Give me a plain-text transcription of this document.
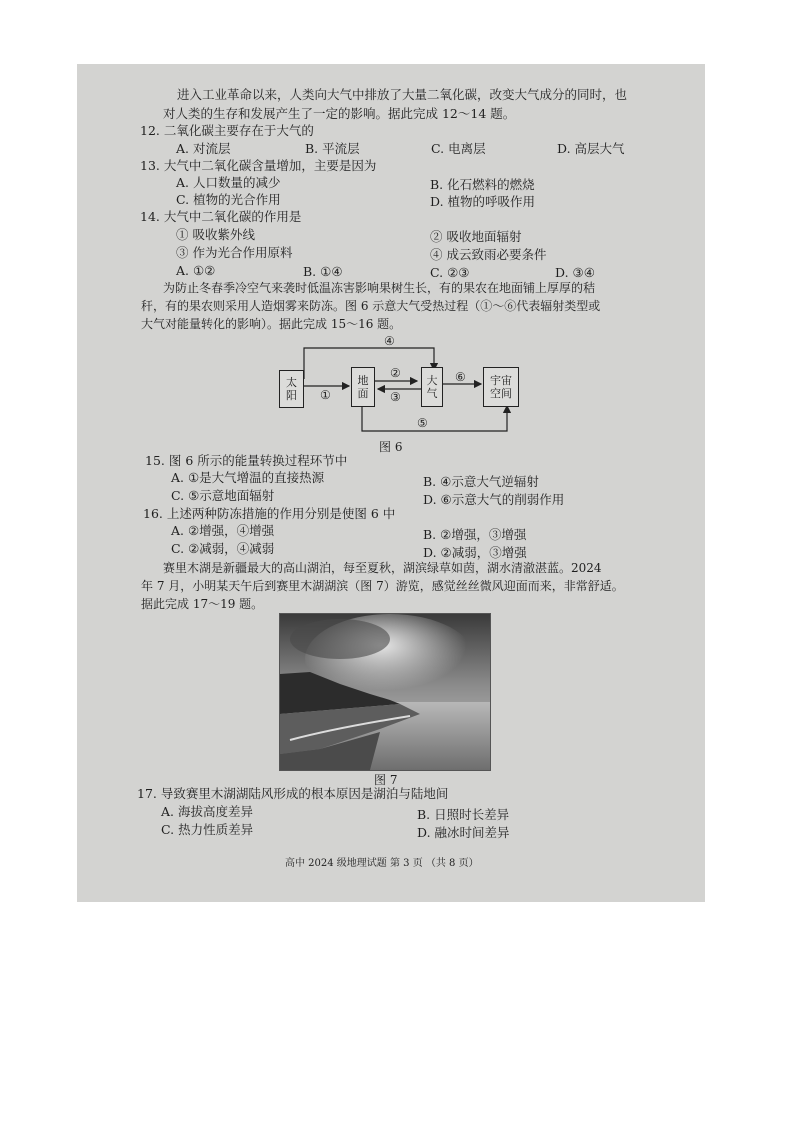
进入工业革命以来，人类向大气中排放了大量二氧化碳，改变大气成分的同时，也
对人类的生存和发展产生了一定的影响。据此完成 12～14 题。
12. 二氧化碳主要存在于大气的
A. 对流层	B. 平流层	C. 电离层	D. 高层大气
13. 大气中二氧化碳含量增加，主要是因为
A. 人口数量的减少	B. 化石燃料的燃烧
C. 植物的光合作用	D. 植物的呼吸作用
14. 大气中二氧化碳的作用是
① 吸收紫外线	② 吸收地面辐射
③ 作为光合作用原料	④ 成云致雨必要条件
A. ①②	B. ①④	C. ②③	D. ③④
为防止冬春季冷空气来袭时低温冻害影响果树生长，有的果农在地面铺上厚厚的秸
秆，有的果农则采用人造烟雾来防冻。图 6 示意大气受热过程（①～⑥代表辐射类型或
大气对能量转化的影响）。据此完成 15～16 题。
太
阳
地
面
大
气
宇宙
空间
④
①
②
③
⑥
⑤
图 6
15. 图 6 所示的能量转换过程环节中
A. ①是大气增温的直接热源	B. ④示意大气逆辐射
C. ⑤示意地面辐射	D. ⑥示意大气的削弱作用
16. 上述两种防冻措施的作用分别是使图 6 中
A. ②增强，④增强	B. ②增强，③增强
C. ②减弱，④减弱	D. ②减弱，③增强
赛里木湖是新疆最大的高山湖泊，每至夏秋，湖滨绿草如茵，湖水清澈湛蓝。2024
年 7 月，小明某天午后到赛里木湖湖滨（图 7）游览，感觉丝丝微风迎面而来，非常舒适。
据此完成 17～19 题。
图 7
17. 导致赛里木湖湖陆风形成的根本原因是湖泊与陆地间
A. 海拔高度差异	B. 日照时长差异
C. 热力性质差异	D. 融冰时间差异
高中 2024 级地理试题 第 3 页 （共 8 页）
